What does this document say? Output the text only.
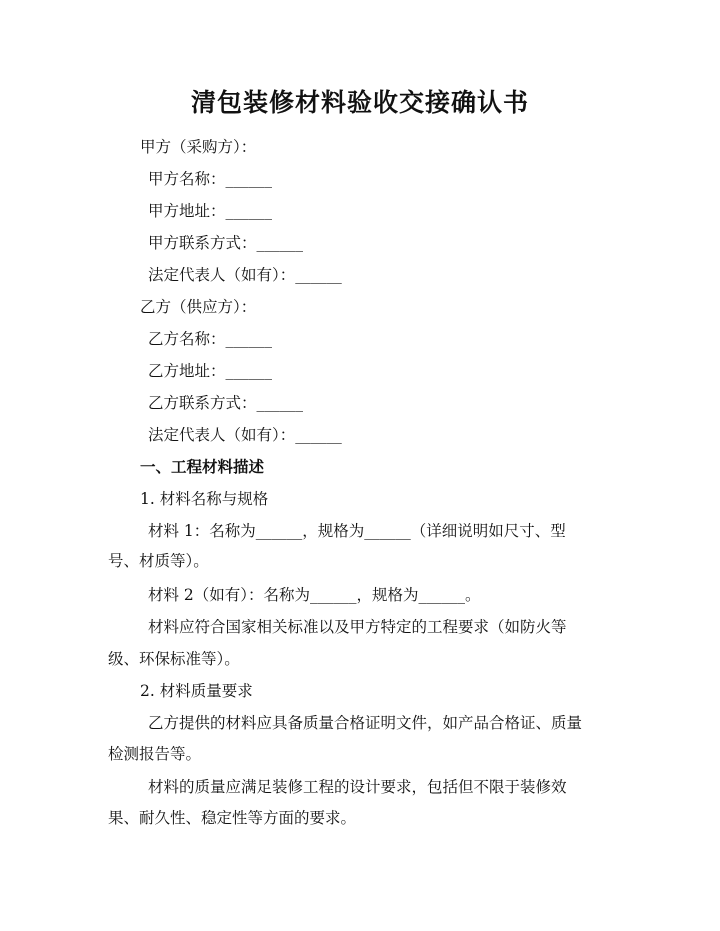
清包装修材料验收交接确认书
甲方（采购方）：
甲方名称：______
甲方地址：______
甲方联系方式：______
法定代表人（如有）：______
乙方（供应方）：
乙方名称：______
乙方地址：______
乙方联系方式：______
法定代表人（如有）：______
一、工程材料描述
1. 材料名称与规格
材料 1：名称为______，规格为______（详细说明如尺寸、型
号、材质等）。
材料 2（如有）：名称为______，规格为______。
材料应符合国家相关标准以及甲方特定的工程要求（如防火等
级、环保标准等）。
2. 材料质量要求
乙方提供的材料应具备质量合格证明文件，如产品合格证、质量
检测报告等。
材料的质量应满足装修工程的设计要求，包括但不限于装修效
果、耐久性、稳定性等方面的要求。
